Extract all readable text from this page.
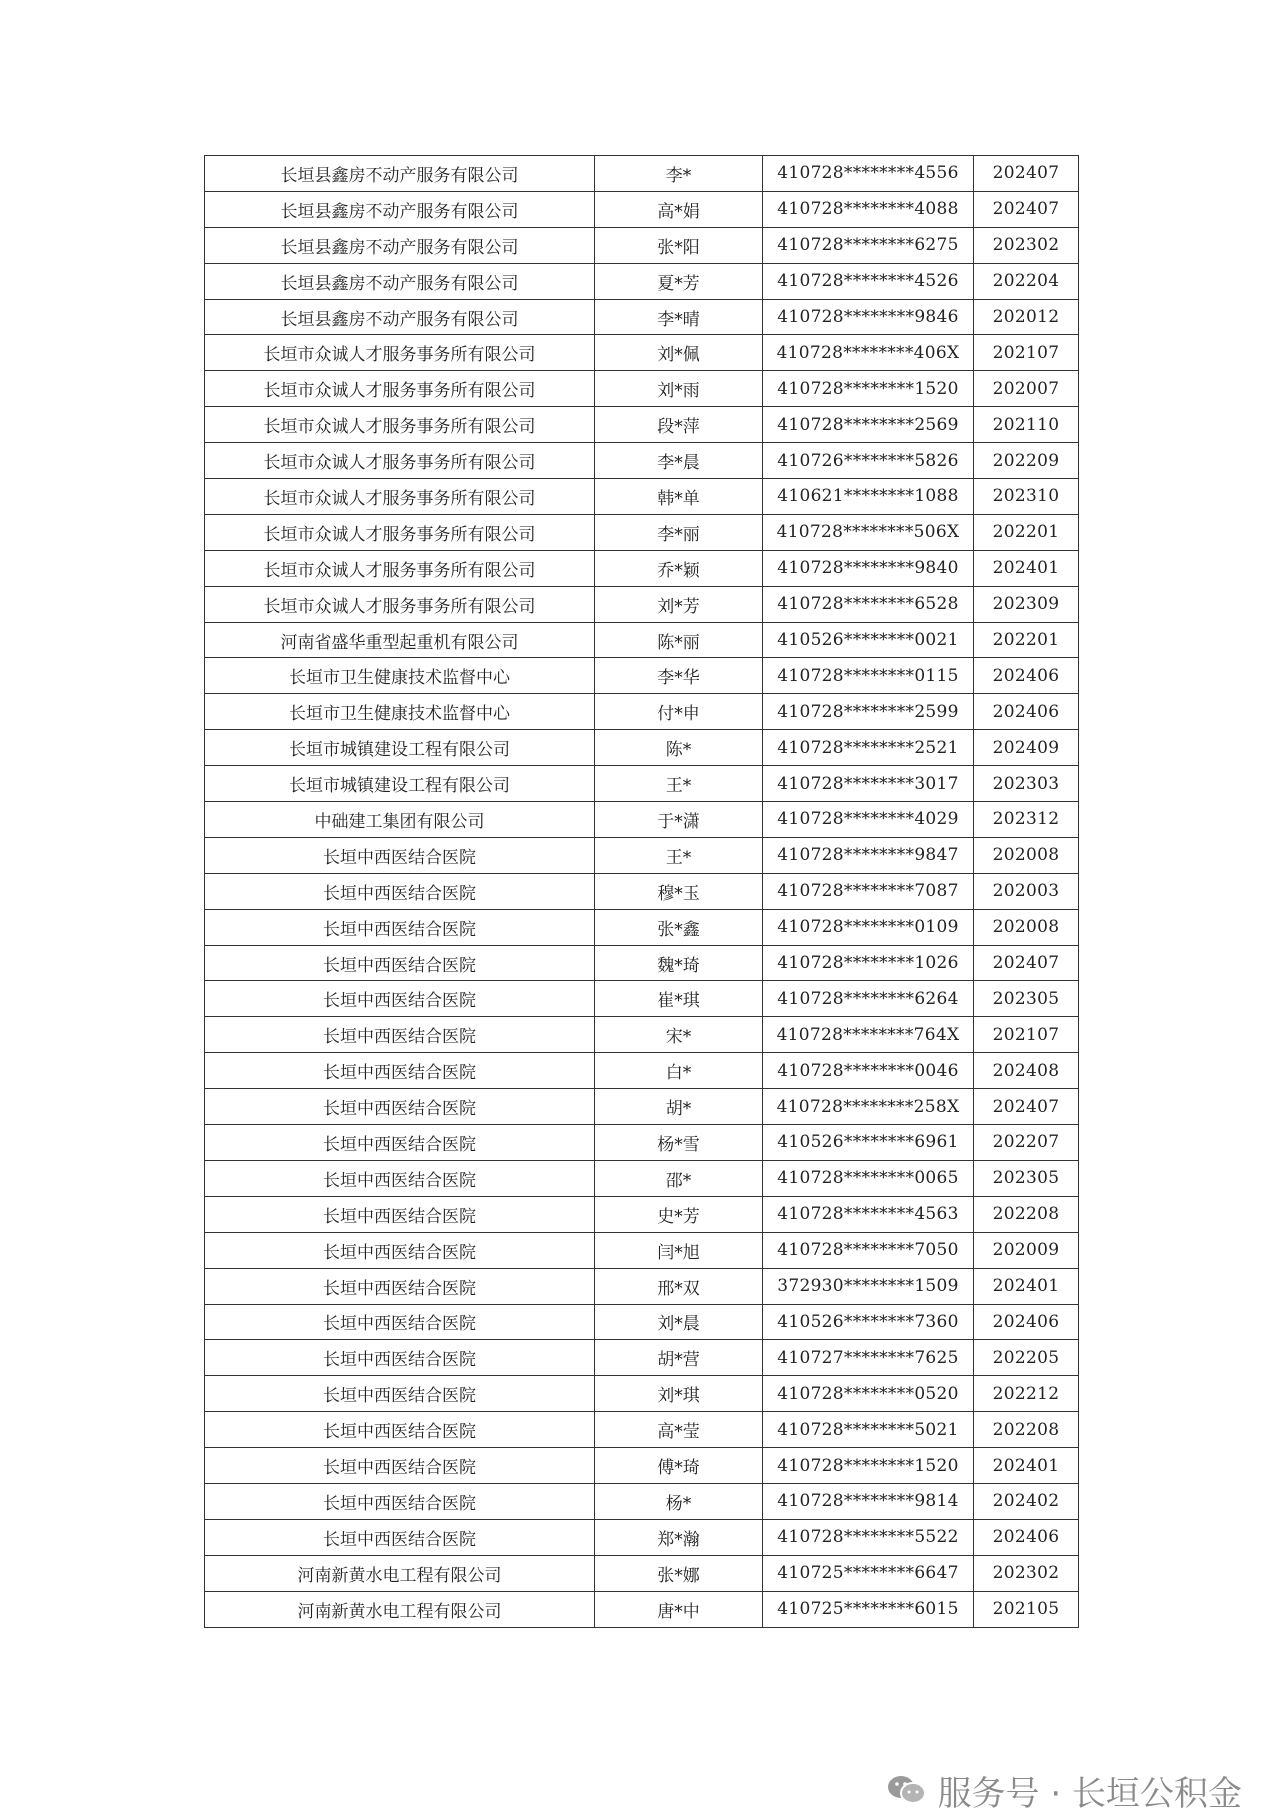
长垣县鑫房不动产服务有限公司	李*	410728********4556	202407
长垣县鑫房不动产服务有限公司	高*娟	410728********4088	202407
长垣县鑫房不动产服务有限公司	张*阳	410728********6275	202302
长垣县鑫房不动产服务有限公司	夏*芳	410728********4526	202204
长垣县鑫房不动产服务有限公司	李*晴	410728********9846	202012
长垣市众诚人才服务事务所有限公司	刘*佩	410728********406X	202107
长垣市众诚人才服务事务所有限公司	刘*雨	410728********1520	202007
长垣市众诚人才服务事务所有限公司	段*萍	410728********2569	202110
长垣市众诚人才服务事务所有限公司	李*晨	410726********5826	202209
长垣市众诚人才服务事务所有限公司	韩*单	410621********1088	202310
长垣市众诚人才服务事务所有限公司	李*丽	410728********506X	202201
长垣市众诚人才服务事务所有限公司	乔*颖	410728********9840	202401
长垣市众诚人才服务事务所有限公司	刘*芳	410728********6528	202309
河南省盛华重型起重机有限公司	陈*丽	410526********0021	202201
长垣市卫生健康技术监督中心	李*华	410728********0115	202406
长垣市卫生健康技术监督中心	付*申	410728********2599	202406
长垣市城镇建设工程有限公司	陈*	410728********2521	202409
长垣市城镇建设工程有限公司	王*	410728********3017	202303
中础建工集团有限公司	于*潇	410728********4029	202312
长垣中西医结合医院	王*	410728********9847	202008
长垣中西医结合医院	穆*玉	410728********7087	202003
长垣中西医结合医院	张*鑫	410728********0109	202008
长垣中西医结合医院	魏*琦	410728********1026	202407
长垣中西医结合医院	崔*琪	410728********6264	202305
长垣中西医结合医院	宋*	410728********764X	202107
长垣中西医结合医院	白*	410728********0046	202408
长垣中西医结合医院	胡*	410728********258X	202407
长垣中西医结合医院	杨*雪	410526********6961	202207
长垣中西医结合医院	邵*	410728********0065	202305
长垣中西医结合医院	史*芳	410728********4563	202208
长垣中西医结合医院	闫*旭	410728********7050	202009
长垣中西医结合医院	邢*双	372930********1509	202401
长垣中西医结合医院	刘*晨	410526********7360	202406
长垣中西医结合医院	胡*营	410727********7625	202205
长垣中西医结合医院	刘*琪	410728********0520	202212
长垣中西医结合医院	高*莹	410728********5021	202208
长垣中西医结合医院	傅*琦	410728********1520	202401
长垣中西医结合医院	杨*	410728********9814	202402
长垣中西医结合医院	郑*瀚	410728********5522	202406
河南新黄水电工程有限公司	张*娜	410725********6647	202302
河南新黄水电工程有限公司	唐*中	410725********6015	202105
服务号 · 长垣公积金
